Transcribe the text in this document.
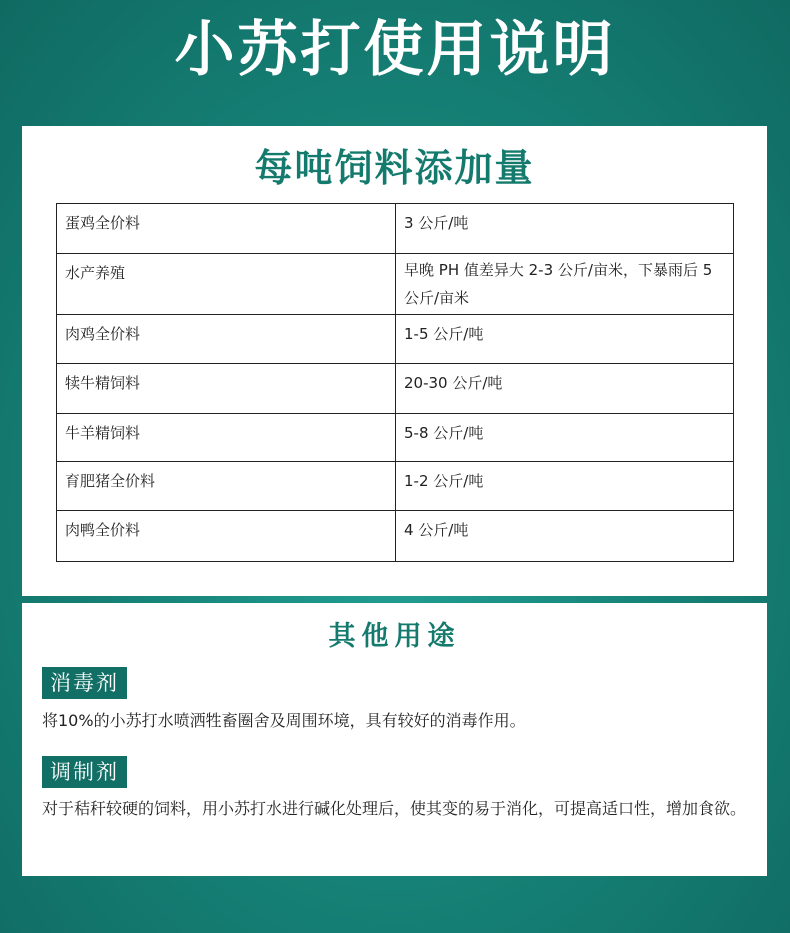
小苏打使用说明
每吨饲料添加量
蛋鸡全价料	3 公斤/吨
水产养殖	早晚 PH 值差异大 2-3 公斤/亩米，下暴雨后 5 公斤/亩米
肉鸡全价料	1-5 公斤/吨
犊牛精饲料	20-30 公斤/吨
牛羊精饲料	5-8 公斤/吨
育肥猪全价料	1-2 公斤/吨
肉鸭全价料	4 公斤/吨
其他用途
消毒剂
将10%的小苏打水喷洒牲畜圈舍及周围环境，具有较好的消毒作用。
调制剂
对于秸秆较硬的饲料，用小苏打水进行碱化处理后，使其变的易于消化，可提高适口性，增加食欲。
